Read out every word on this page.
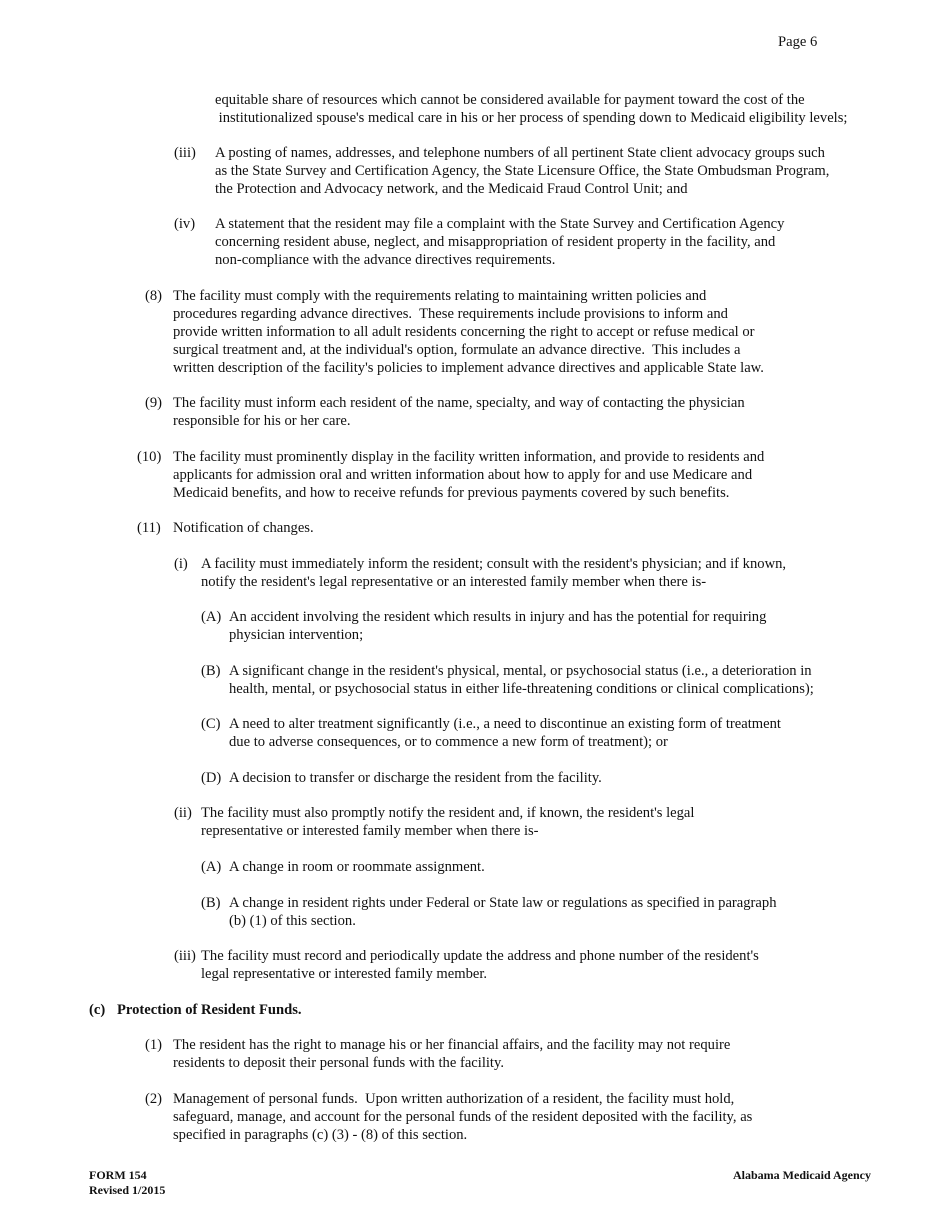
Page 6
equitable share of resources which cannot be considered available for payment toward the cost of the
institutionalized spouse's medical care in his or her process of spending down to Medicaid eligibility levels;
(iii) A posting of names, addresses, and telephone numbers of all pertinent State client advocacy groups such
as the State Survey and Certification Agency, the State Licensure Office, the State Ombudsman Program,
the Protection and Advocacy network, and the Medicaid Fraud Control Unit; and
(iv) A statement that the resident may file a complaint with the State Survey and Certification Agency
concerning resident abuse, neglect, and misappropriation of resident property in the facility, and
non-compliance with the advance directives requirements.
(8) The facility must comply with the requirements relating to maintaining written policies and
procedures regarding advance directives.  These requirements include provisions to inform and
provide written information to all adult residents concerning the right to accept or refuse medical or
surgical treatment and, at the individual's option, formulate an advance directive.  This includes a
written description of the facility's policies to implement advance directives and applicable State law.
(9) The facility must inform each resident of the name, specialty, and way of contacting the physician
responsible for his or her care.
(10) The facility must prominently display in the facility written information, and provide to residents and
applicants for admission oral and written information about how to apply for and use Medicare and
Medicaid benefits, and how to receive refunds for previous payments covered by such benefits.
(11) Notification of changes.
(i) A facility must immediately inform the resident; consult with the resident's physician; and if known,
notify the resident's legal representative or an interested family member when there is-
(A) An accident involving the resident which results in injury and has the potential for requiring
physician intervention;
(B) A significant change in the resident's physical, mental, or psychosocial status (i.e., a deterioration in
health, mental, or psychosocial status in either life-threatening conditions or clinical complications);
(C) A need to alter treatment significantly (i.e., a need to discontinue an existing form of treatment
due to adverse consequences, or to commence a new form of treatment); or
(D) A decision to transfer or discharge the resident from the facility.
(ii) The facility must also promptly notify the resident and, if known, the resident's legal
representative or interested family member when there is-
(A) A change in room or roommate assignment.
(B) A change in resident rights under Federal or State law or regulations as specified in paragraph
(b) (1) of this section.
(iii) The facility must record and periodically update the address and phone number of the resident's
legal representative or interested family member.
(c) Protection of Resident Funds.
(1) The resident has the right to manage his or her financial affairs, and the facility may not require
residents to deposit their personal funds with the facility.
(2) Management of personal funds.  Upon written authorization of a resident, the facility must hold,
safeguard, manage, and account for the personal funds of the resident deposited with the facility, as
specified in paragraphs (c) (3) - (8) of this section.
FORM 154
Revised 1/2015
Alabama Medicaid Agency
